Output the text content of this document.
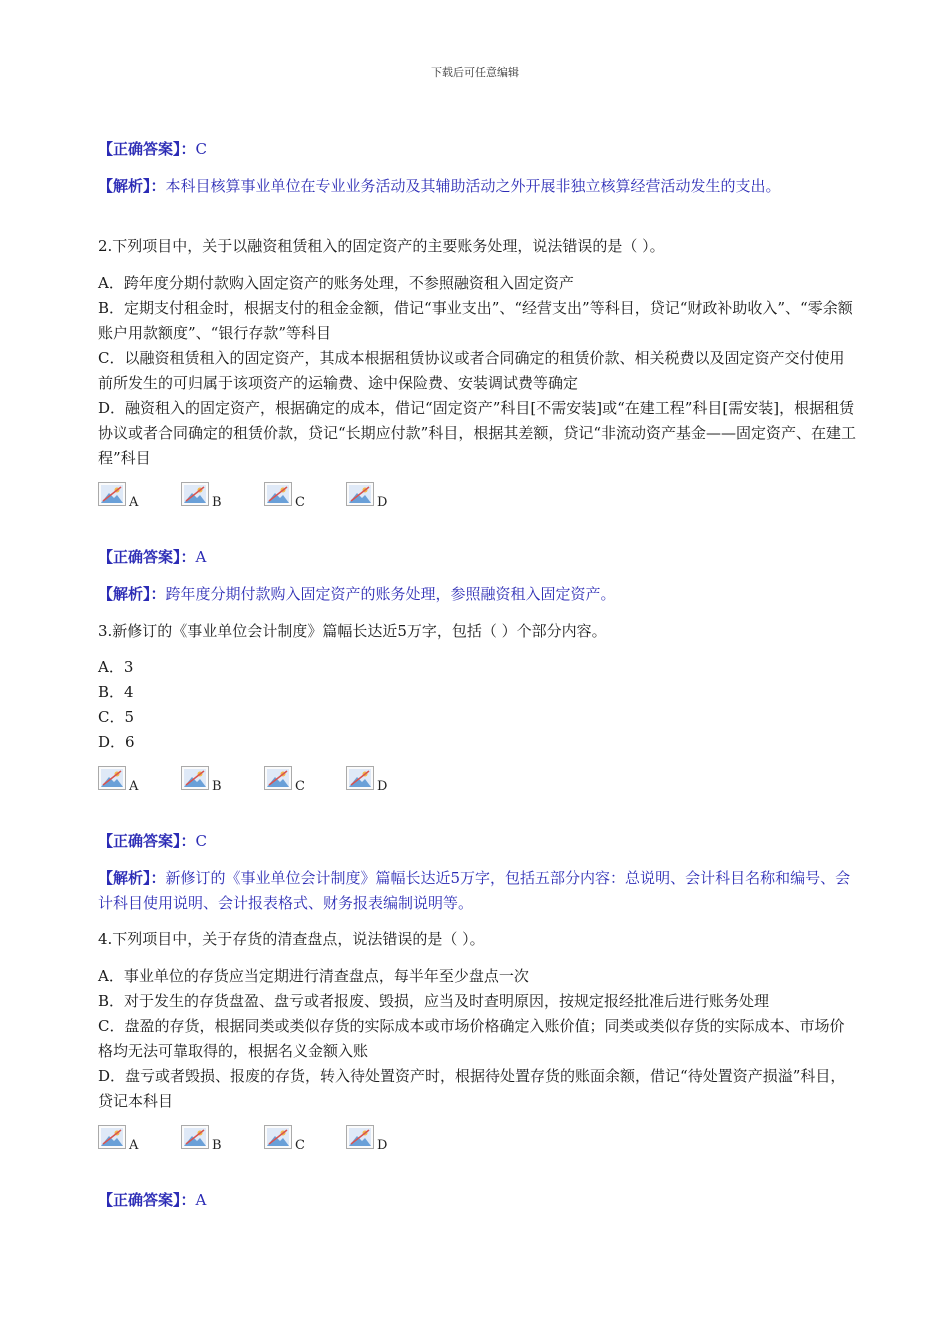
下载后可任意编辑
【正确答案】：C
【解析】：本科目核算事业单位在专业业务活动及其辅助活动之外开展非独立核算经营活动发生的支出。
2.下列项目中，关于以融资租赁租入的固定资产的主要账务处理，说法错误的是（ ）。
A．跨年度分期付款购入固定资产的账务处理，不参照融资租入固定资产
B．定期支付租金时，根据支付的租金金额，借记“事业支出”、“经营支出”等科目，贷记“财政补助收入”、“零余额账户用款额度”、“银行存款”等科目
C．以融资租赁租入的固定资产，其成本根据租赁协议或者合同确定的租赁价款、相关税费以及固定资产交付使用前所发生的可归属于该项资产的运输费、途中保险费、安装调试费等确定
D．融资租入的固定资产，根据确定的成本，借记“固定资产”科目[不需安装]或“在建工程”科目[需安装]，根据租赁协议或者合同确定的租赁价款，贷记“长期应付款”科目，根据其差额，贷记“非流动资产基金——固定资产、在建工程”科目
A	B	C	D
【正确答案】：A
【解析】：跨年度分期付款购入固定资产的账务处理，参照融资租入固定资产。
3.新修订的《事业单位会计制度》篇幅长达近5万字，包括（ ）个部分内容。
A．3
B．4
C．5
D．6
A	B	C	D
【正确答案】：C
【解析】：新修订的《事业单位会计制度》篇幅长达近5万字，包括五部分内容：总说明、会计科目名称和编号、会计科目使用说明、会计报表格式、财务报表编制说明等。
4.下列项目中，关于存货的清查盘点，说法错误的是（ ）。
A．事业单位的存货应当定期进行清查盘点，每半年至少盘点一次
B．对于发生的存货盘盈、盘亏或者报废、毁损，应当及时查明原因，按规定报经批准后进行账务处理
C．盘盈的存货，根据同类或类似存货的实际成本或市场价格确定入账价值；同类或类似存货的实际成本、市场价格均无法可靠取得的，根据名义金额入账
D．盘亏或者毁损、报废的存货，转入待处置资产时，根据待处置存货的账面余额，借记“待处置资产损溢”科目，贷记本科目
A	B	C	D
【正确答案】：A
